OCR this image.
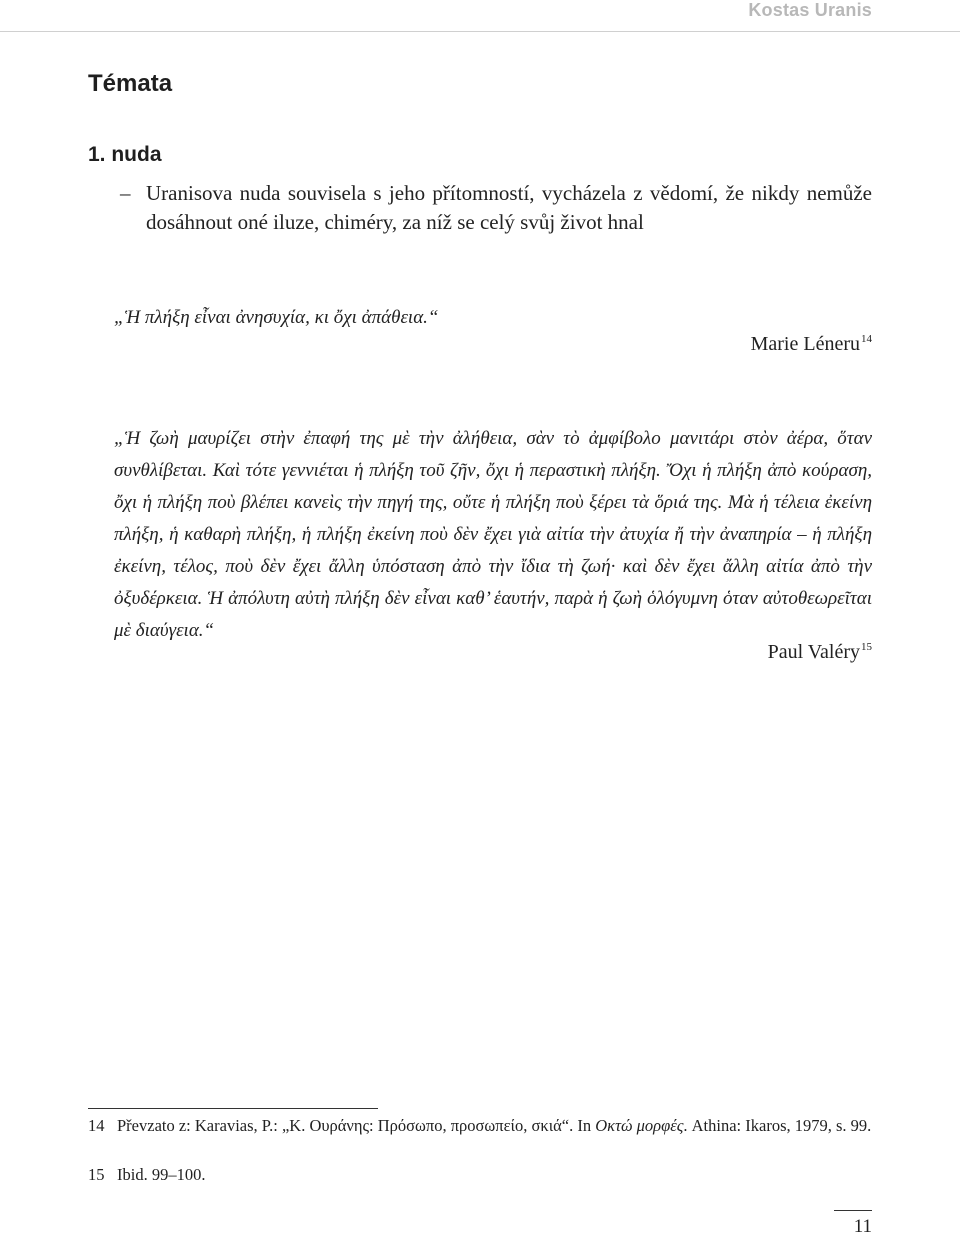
Kostas Uranis
Témata
1. nuda
– Uranisova nuda souvisela s jeho přítomností, vycházela z vědomí, že nikdy nemůže dosáhnout oné iluze, chiméry, za níž se celý svůj život hnal

„Ἡ πλήξη εἶναι ἀνησυχία, κι ὄχι ἀπάθεια.“

Marie Léneru$^{14}$

„Ἡ ζωὴ μαυρίζει στὴν ἐπαφή της μὲ τὴν ἀλήθεια, σὰν τὸ ἀμφίβολο μανιτάρι στὸν ἀέρα, ὅταν συνθλίβεται. Καὶ τότε γεννιέται ἡ πλήξη τοῦ ζῆν, ὄχι ἡ περαστικὴ πλήξη. Ὄχι ἡ πλήξη ἀπὸ κούραση, ὄχι ἡ πλήξη ποὺ βλέπει κανεὶς τὴν πηγή της, οὔτε ἡ πλήξη ποὺ ξέρει τὰ ὅριά της. Μὰ ἡ τέλεια ἐκείνη πλήξη, ἡ καθαρὴ πλήξη, ἡ πλήξη ἐκείνη ποὺ δὲν ἔχει γιὰ αἰτία τὴν ἀτυχία ἤ τὴν ἀναπηρία – ἡ πλήξη ἐκείνη, τέλος, ποὺ δὲν ἔχει ἄλλη ὑπόσταση ἀπὸ τὴν ἴδια τὴ ζωή· καὶ δὲν ἔχει ἄλλη αἰτία ἀπὸ τὴν ὀξυδέρκεια. Ἡ ἀπόλυτη αὐτὴ πλήξη δὲν εἶναι καθ’ ἑαυτήν, παρὰ ἡ ζωὴ ὁλόγυμνη ὁταν αὐτοθεωρεῖται μὲ διαύγεια.“

Paul Valéry$^{15}$
14 Převzato z: Karavias, P.: „K. Ουράνης: Πρόσωπο, προσωπείο, σκιά“. In Oκτώ μορφές. Athina: Ikaros, 1979, s. 99.
15 Ibid. 99–100.
11
